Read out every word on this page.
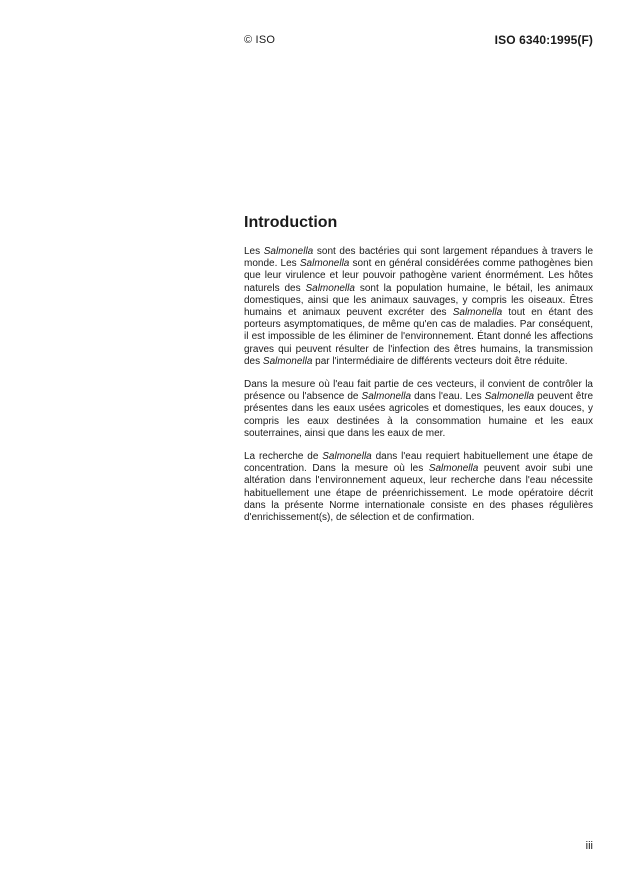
© ISO	ISO 6340:1995(F)
Introduction

Les Salmonella sont des bactéries qui sont largement répandues à travers le monde. Les Salmonella sont en général considérées comme pathogènes bien que leur virulence et leur pouvoir pathogène varient énormément. Les hôtes naturels des Salmonella sont la population humaine, le bétail, les animaux domestiques, ainsi que les animaux sauvages, y compris les oiseaux. Êtres humains et animaux peuvent excréter des Salmonella tout en étant des porteurs asymptomatiques, de même qu'en cas de maladies. Par conséquent, il est impossible de les éliminer de l'environnement. Étant donné les affections graves qui peuvent résulter de l'infection des êtres humains, la transmission des Salmonella par l'intermédiaire de différents vecteurs doit être réduite.

Dans la mesure où l'eau fait partie de ces vecteurs, il convient de contrôler la présence ou l'absence de Salmonella dans l'eau. Les Salmonella peuvent être présentes dans les eaux usées agricoles et domestiques, les eaux douces, y compris les eaux destinées à la consommation humaine et les eaux souterraines, ainsi que dans les eaux de mer.

La recherche de Salmonella dans l'eau requiert habituellement une étape de concentration. Dans la mesure où les Salmonella peuvent avoir subi une altération dans l'environnement aqueux, leur recherche dans l'eau nécessite habituellement une étape de préenrichissement. Le mode opératoire décrit dans la présente Norme internationale consiste en des phases régulières d'enrichissement(s), de sélection et de confirmation.

iii
